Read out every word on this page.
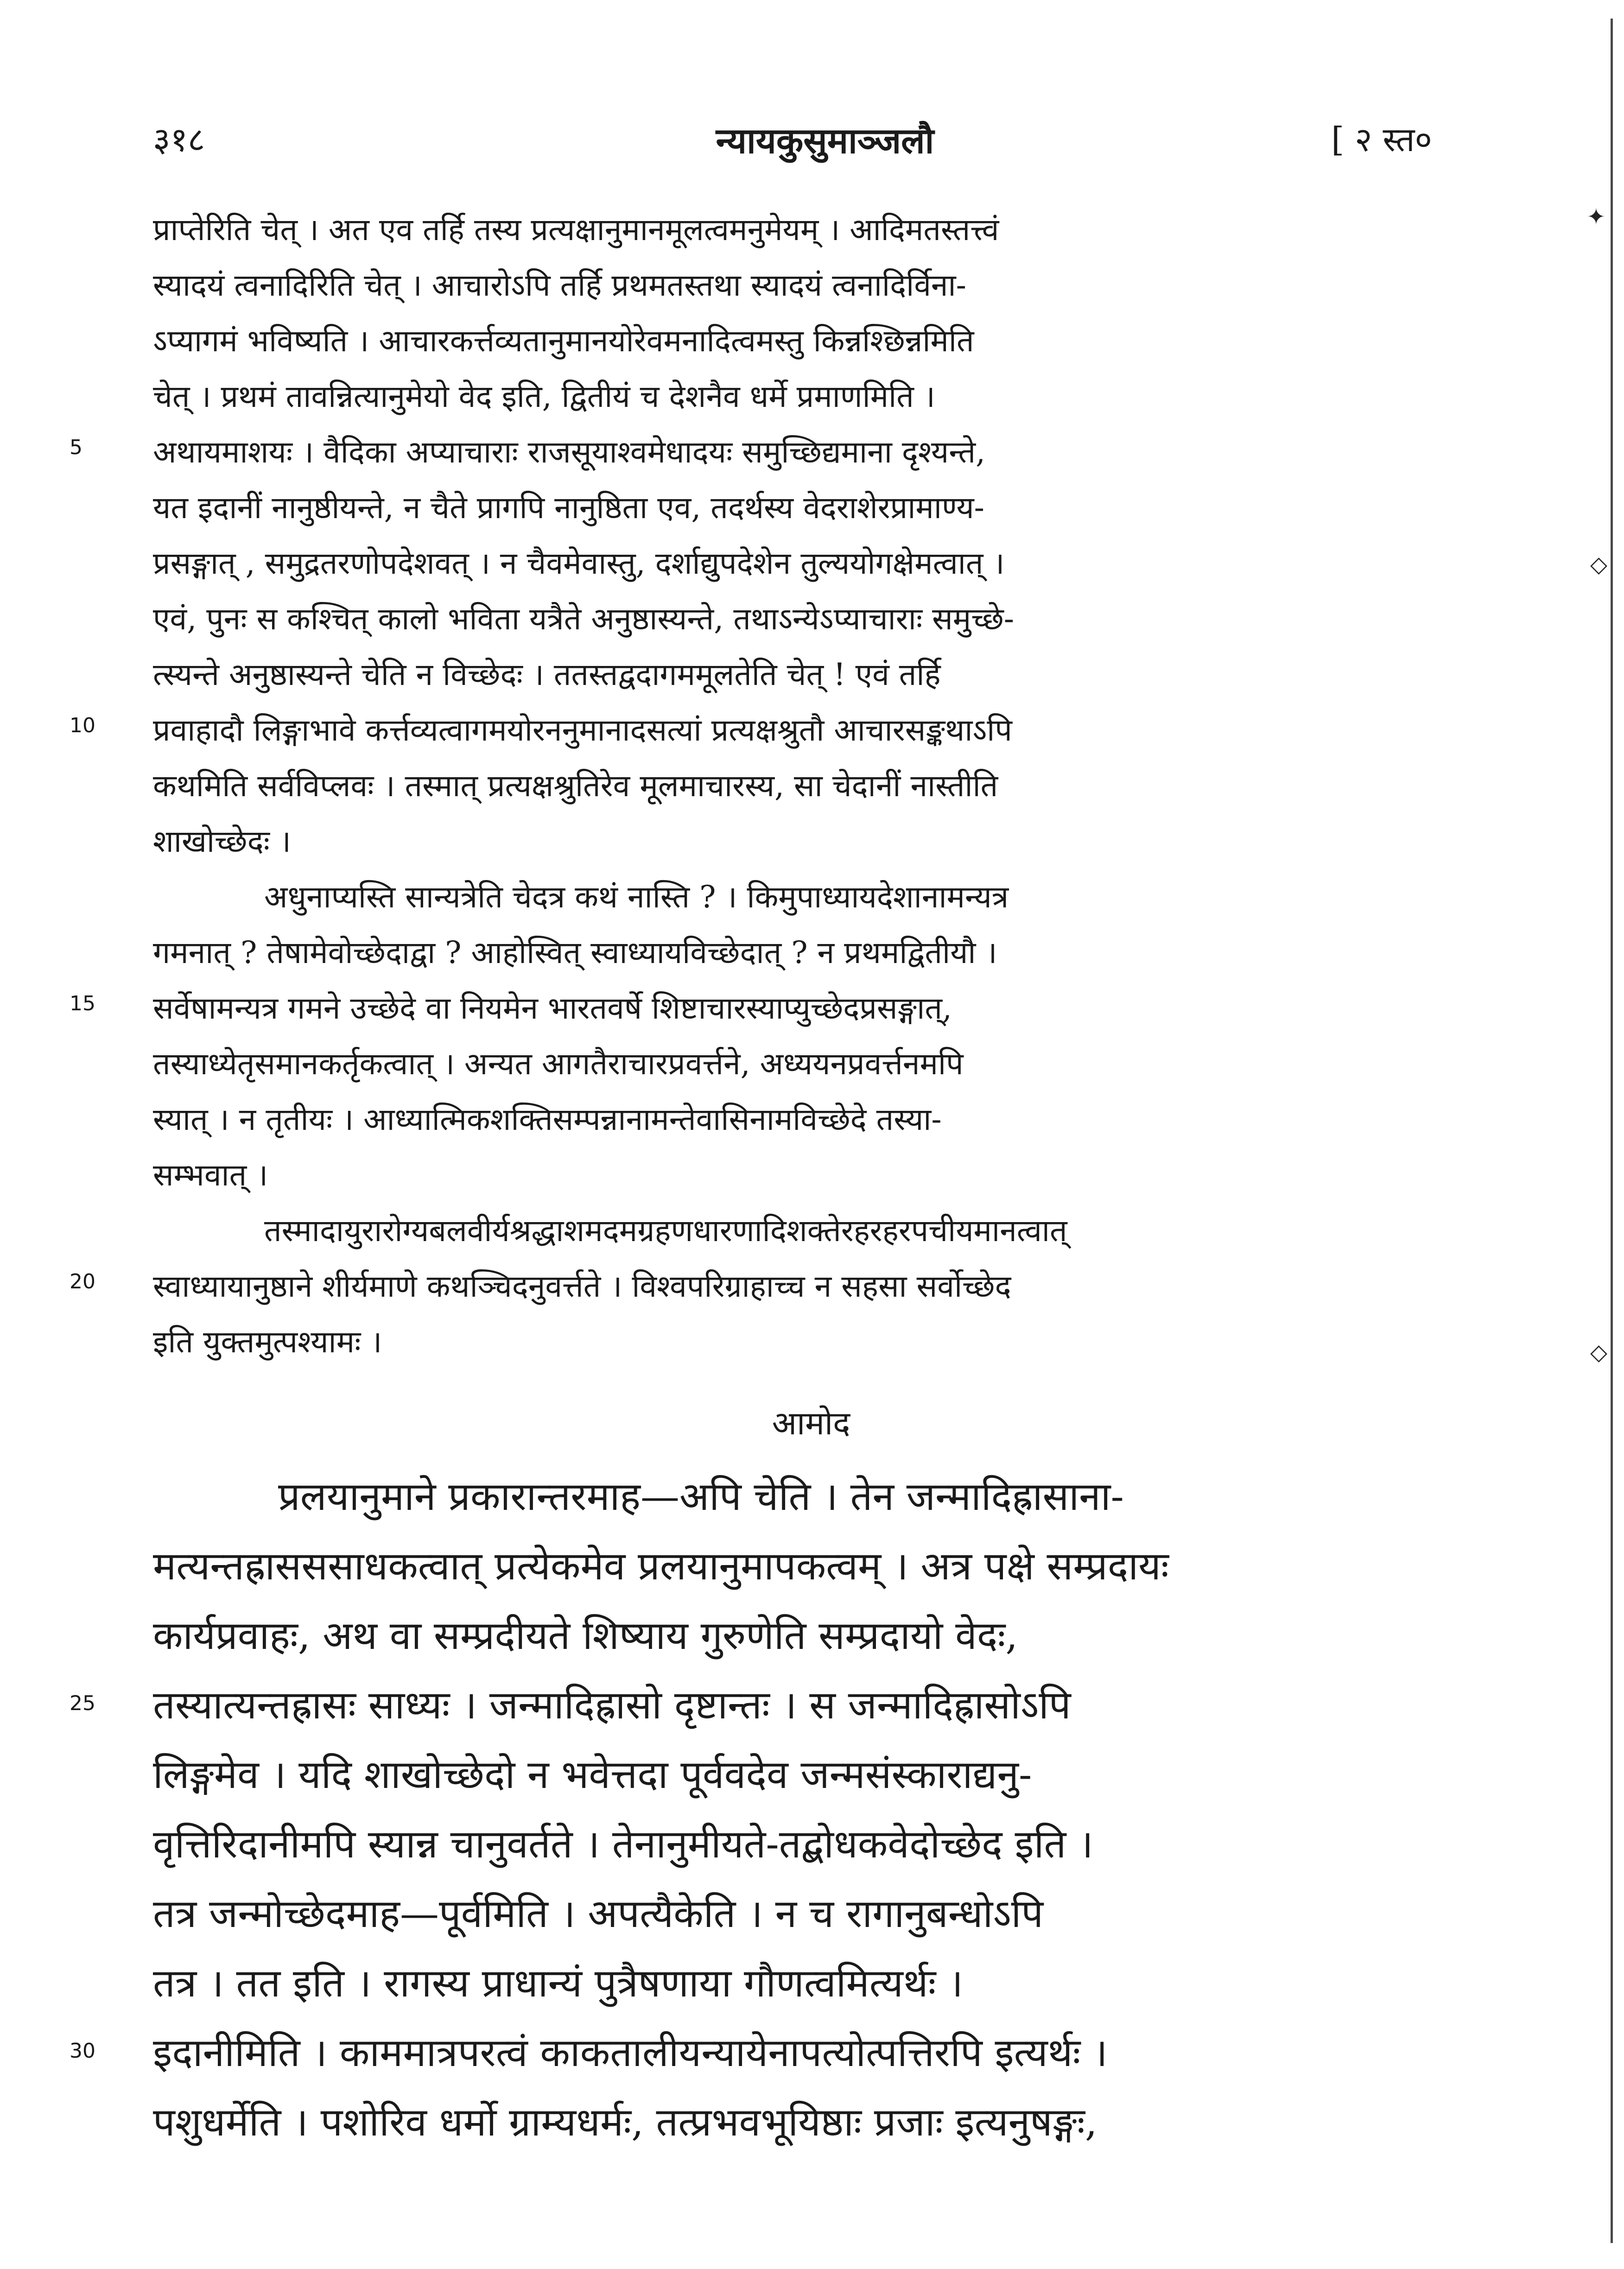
✦
◇
◇
३१८	न्यायकुसुमाञ्जलौ	[ २ स्त०
प्राप्तेरिति चेत् । अत एव तर्हि तस्य प्रत्यक्षानुमानमूलत्वमनुमेयम् । आदिमतस्तत्त्वं
स्यादयं त्वनादिरिति चेत् । आचारोऽपि तर्हि प्रथमतस्तथा स्यादयं त्वनादिर्विना-
ऽप्यागमं भविष्यति । आचारकर्त्तव्यतानुमानयोरेवमनादित्वमस्तु किन्नश्छिन्नमिति
चेत् । प्रथमं तावन्नित्यानुमेयो वेद इति, द्वितीयं च देशनैव धर्मे प्रमाणमिति ।
अथायमाशयः । वैदिका अप्याचाराः राजसूयाश्वमेधादयः समुच्छिद्यमाना दृश्यन्ते,
यत इदानीं नानुष्ठीयन्ते, न चैते प्रागपि नानुष्ठिता एव, तदर्थस्य वेदराशेरप्रामाण्य-
प्रसङ्गात् , समुद्रतरणोपदेशवत् । न चैवमेवास्तु, दर्शाद्युपदेशेन तुल्ययोगक्षेमत्वात् ।
एवं, पुनः स कश्चित् कालो भविता यत्रैते अनुष्ठास्यन्ते, तथाऽन्येऽप्याचाराः समुच्छे-
त्स्यन्ते अनुष्ठास्यन्ते चेति न विच्छेदः । ततस्तद्वदागममूलतेति चेत् ! एवं तर्हि
प्रवाहादौ लिङ्गाभावे कर्त्तव्यत्वागमयोरननुमानादसत्यां प्रत्यक्षश्रुतौ आचारसङ्कथाऽपि
कथमिति सर्वविप्लवः । तस्मात् प्रत्यक्षश्रुतिरेव मूलमाचारस्य, सा चेदानीं नास्तीति
शाखोच्छेदः ।
अधुनाप्यस्ति सान्यत्रेति चेदत्र कथं नास्ति ? । किमुपाध्यायदेशानामन्यत्र
गमनात् ? तेषामेवोच्छेदाद्वा ? आहोस्वित् स्वाध्यायविच्छेदात् ? न प्रथमद्वितीयौ ।
सर्वेषामन्यत्र गमने उच्छेदे वा नियमेन भारतवर्षे शिष्टाचारस्याप्युच्छेदप्रसङ्गात्,
तस्याध्येतृसमानकर्तृकत्वात् । अन्यत आगतैराचारप्रवर्त्तने, अध्ययनप्रवर्त्तनमपि
स्यात् । न तृतीयः । आध्यात्मिकशक्तिसम्पन्नानामन्तेवासिनामविच्छेदे तस्या-
सम्भवात् ।
तस्मादायुरारोग्यबलवीर्यश्रद्धाशमदमग्रहणधारणादिशक्तेरहरहरपचीयमानत्वात्
स्वाध्यायानुष्ठाने शीर्यमाणे कथञ्चिदनुवर्त्तते । विश्वपरिग्राहाच्च न सहसा सर्वोच्छेद
इति युक्तमुत्पश्यामः ।
आमोद
प्रलयानुमाने प्रकारान्तरमाह—अपि चेति । तेन जन्मादिह्रासाना-
मत्यन्तह्रासससाधकत्वात् प्रत्येकमेव प्रलयानुमापकत्वम् । अत्र पक्षे सम्प्रदायः
कार्यप्रवाहः, अथ वा सम्प्रदीयते शिष्याय गुरुणेति सम्प्रदायो वेदः,
तस्यात्यन्तह्रासः साध्यः । जन्मादिह्रासो दृष्टान्तः । स जन्मादिह्रासोऽपि
लिङ्गमेव । यदि शाखोच्छेदो न भवेत्तदा पूर्ववदेव जन्मसंस्काराद्यनु-
वृत्तिरिदानीमपि स्यान्न चानुवर्तते । तेनानुमीयते-तद्बोधकवेदोच्छेद इति ।
तत्र जन्मोच्छेदमाह—पूर्वमिति । अपत्यैकेति । न च रागानुबन्धोऽपि
तत्र । तत इति । रागस्य प्राधान्यं पुत्रैषणाया गौणत्वमित्यर्थः ।
इदानीमिति । काममात्रपरत्वं काकतालीयन्यायेनापत्योत्पत्तिरपि इत्यर्थः ।
पशुधर्मेति । पशोरिव धर्मो ग्राम्यधर्मः, तत्प्रभवभूयिष्ठाः प्रजाः इत्यनुषङ्गः,
5
10
15
20
25
30
